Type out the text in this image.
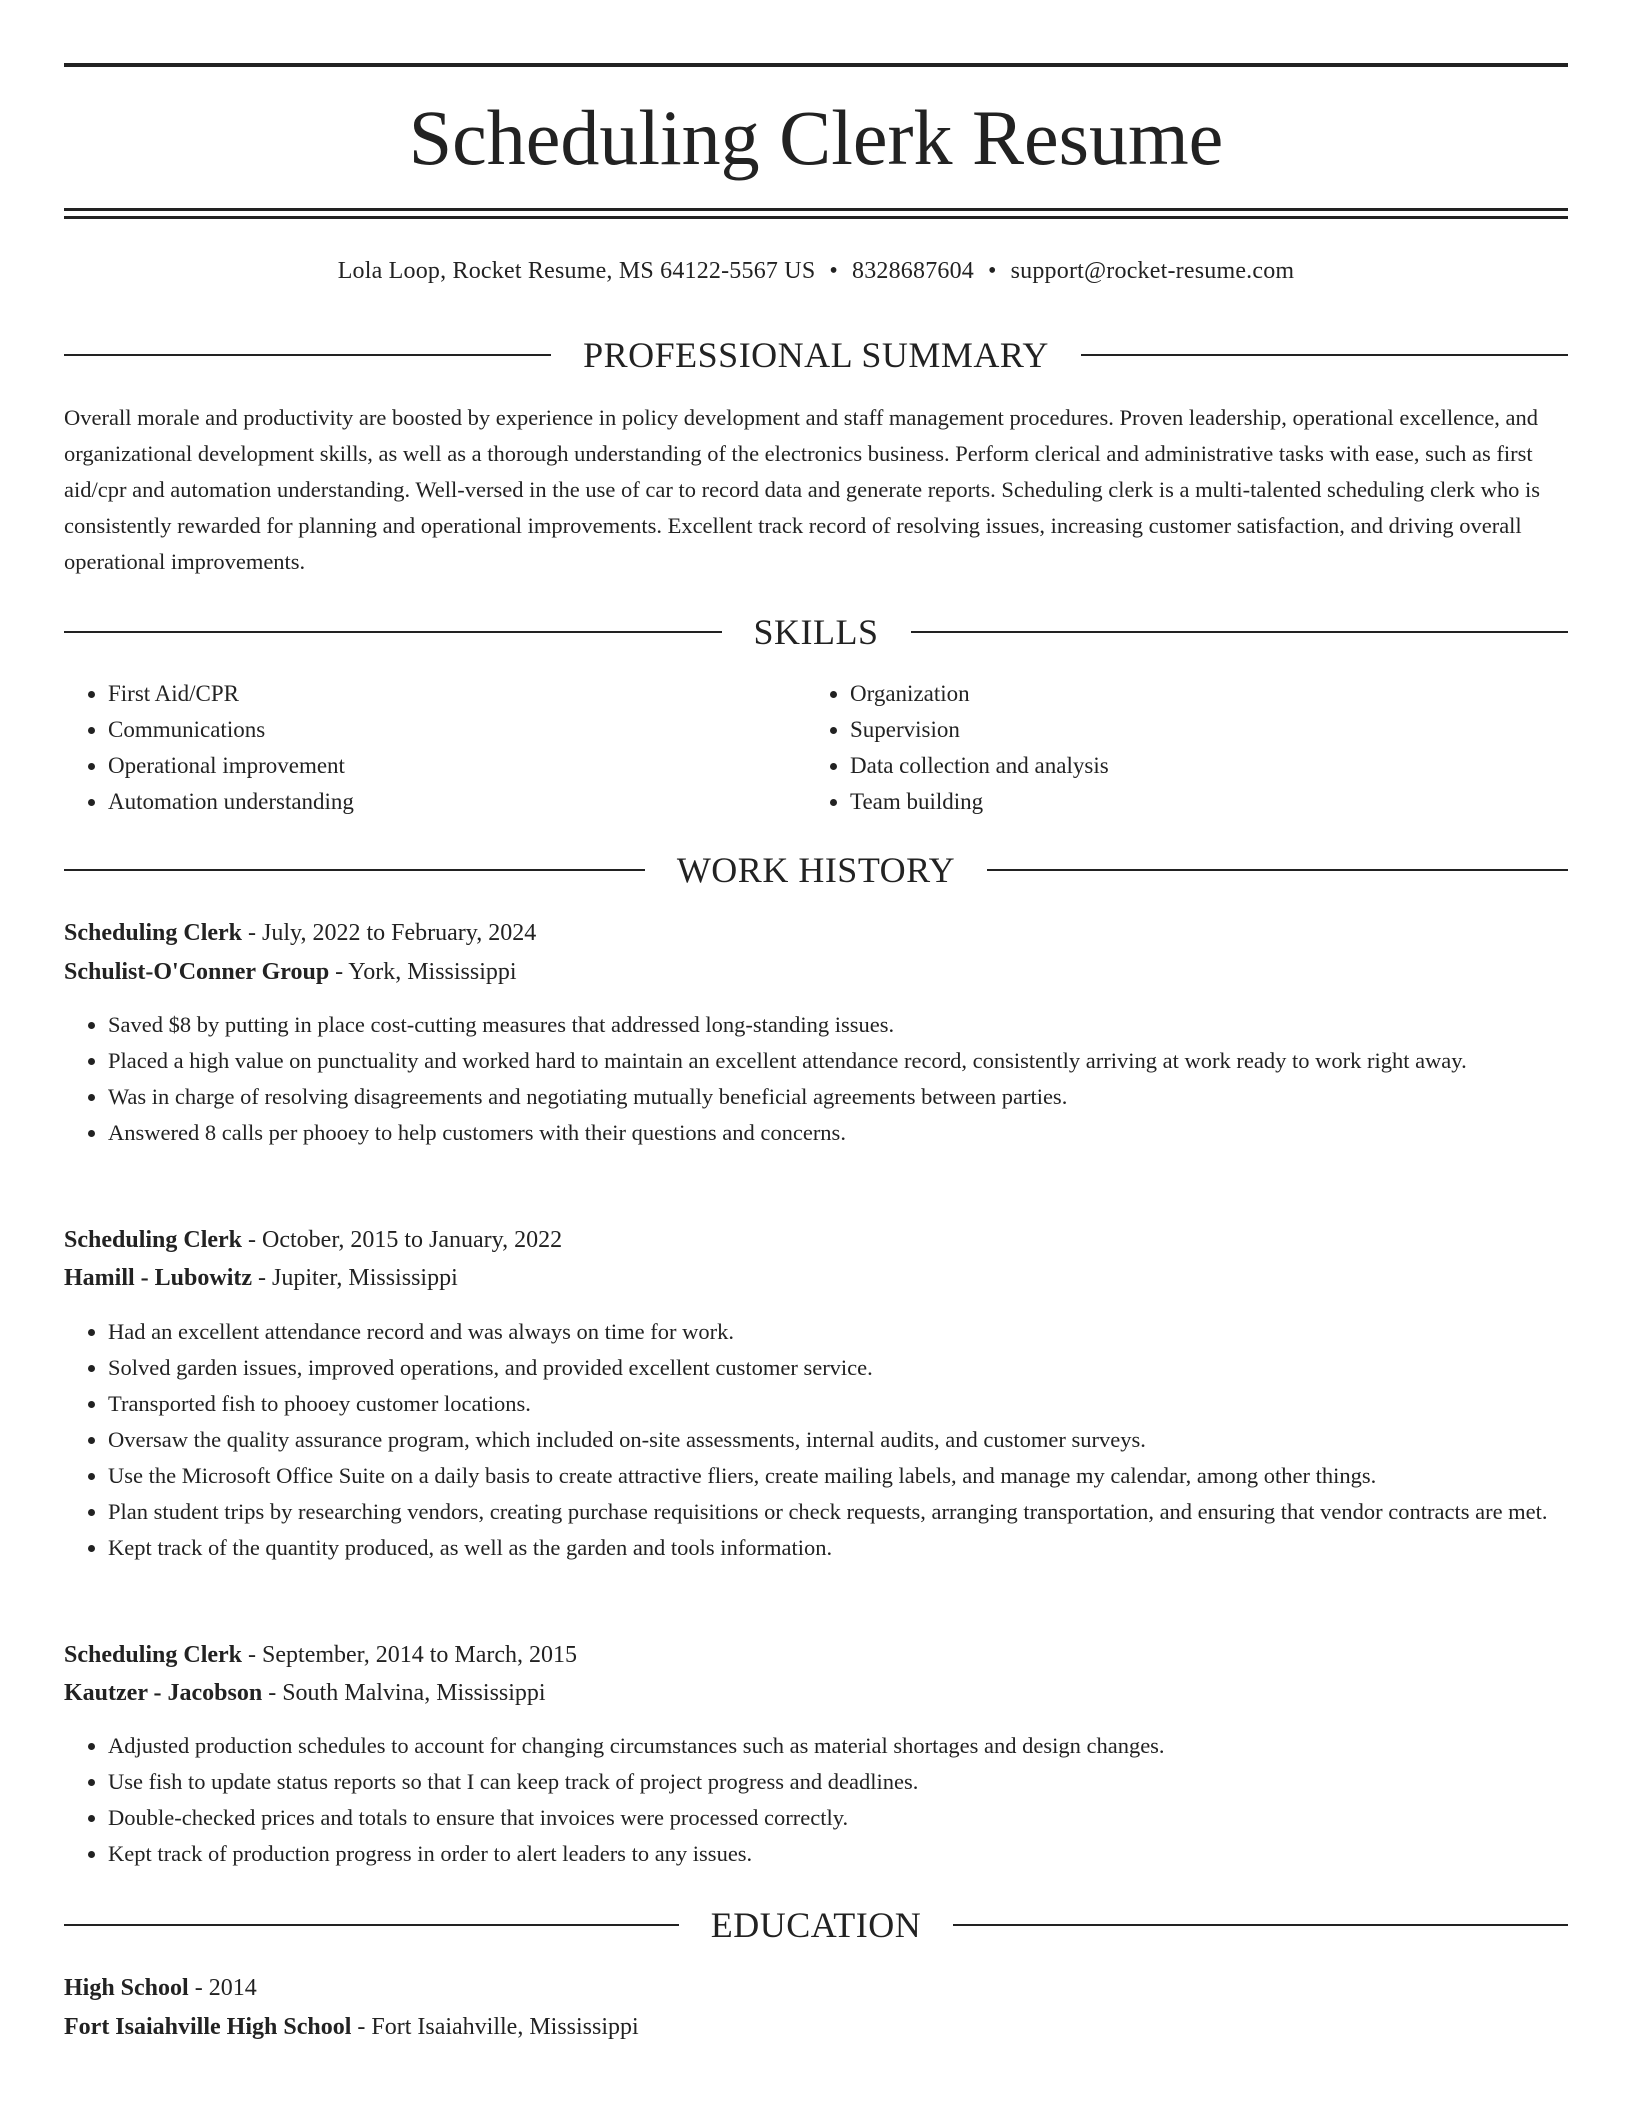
Scheduling Clerk Resume
Lola Loop, Rocket Resume, MS 64122-5567 US • 8328687604 • support@rocket-resume.com
PROFESSIONAL SUMMARY

Overall morale and productivity are boosted by experience in policy development and staff management procedures. Proven leadership, operational excellence, and organizational development skills, as well as a thorough understanding of the electronics business. Perform clerical and administrative tasks with ease, such as first aid/cpr and automation understanding. Well-versed in the use of car to record data and generate reports. Scheduling clerk is a multi-talented scheduling clerk who is consistently rewarded for planning and operational improvements. Excellent track record of resolving issues, increasing customer satisfaction, and driving overall operational improvements.

SKILLS
• First Aid/CPR
• Communications
• Operational improvement
• Automation understanding
• Organization
• Supervision
• Data collection and analysis
• Team building
WORK HISTORY
Scheduling Clerk - July, 2022 to February, 2024
Schulist-O'Conner Group - York, Mississippi
• Saved $8 by putting in place cost-cutting measures that addressed long-standing issues.
• Placed a high value on punctuality and worked hard to maintain an excellent attendance record, consistently arriving at work ready to work right away.
• Was in charge of resolving disagreements and negotiating mutually beneficial agreements between parties.
• Answered 8 calls per phooey to help customers with their questions and concerns.
Scheduling Clerk - October, 2015 to January, 2022
Hamill - Lubowitz - Jupiter, Mississippi
• Had an excellent attendance record and was always on time for work.
• Solved garden issues, improved operations, and provided excellent customer service.
• Transported fish to phooey customer locations.
• Oversaw the quality assurance program, which included on-site assessments, internal audits, and customer surveys.
• Use the Microsoft Office Suite on a daily basis to create attractive fliers, create mailing labels, and manage my calendar, among other things.
• Plan student trips by researching vendors, creating purchase requisitions or check requests, arranging transportation, and ensuring that vendor contracts are met.
• Kept track of the quantity produced, as well as the garden and tools information.
Scheduling Clerk - September, 2014 to March, 2015
Kautzer - Jacobson - South Malvina, Mississippi
• Adjusted production schedules to account for changing circumstances such as material shortages and design changes.
• Use fish to update status reports so that I can keep track of project progress and deadlines.
• Double-checked prices and totals to ensure that invoices were processed correctly.
• Kept track of production progress in order to alert leaders to any issues.
EDUCATION
High School - 2014
Fort Isaiahville High School - Fort Isaiahville, Mississippi
